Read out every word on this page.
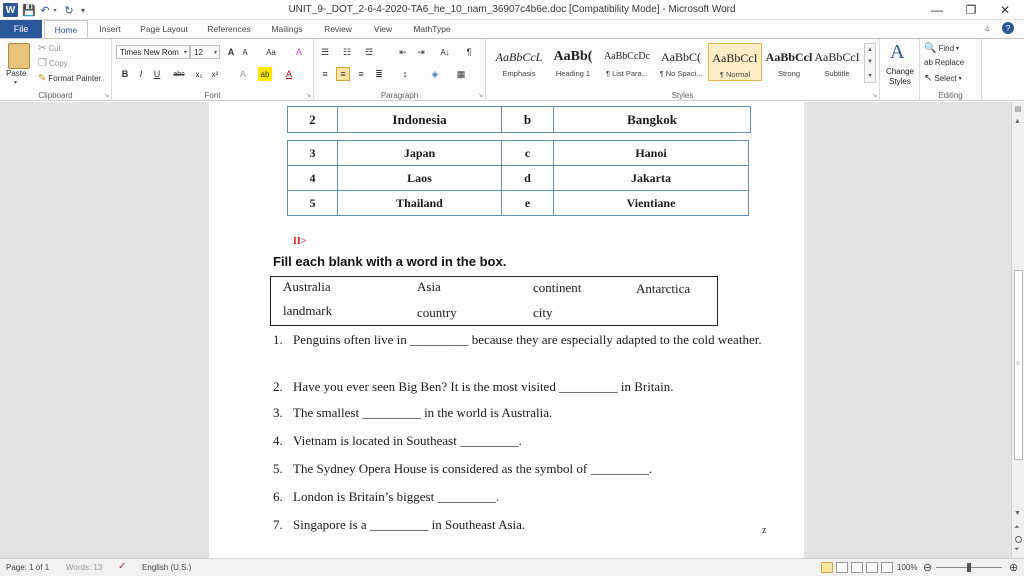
W 💾 ↶ ▾ ↻ ▾	UNIT_9-_DOT_2-6-4-2020-TA6_he_10_nam_36907c4b6e.doc [Compatibility Mode] - Microsoft Word	—	❐	✕
File	Home	Insert	Page Layout	References	Mailings	Review	View	MathType	▵	?
Paste
▾
✂ Cut
❐ Copy
✎ Format Painter
Clipboard	↘
Times New Rom ▾ 12 ▾	A	A	Aa	A
B	I	U	abc	x₂	x²	A	ab	A
Font	↘
☰	☷	☲	⇤	⇥	A↓	¶
≡	≡	≡	≣	↕	◈	▦
Paragraph	↘
AaBbCcL
Emphasis
AaBb(
Heading 1
AaBbCcDc
¶ List Para...
AaBbC(
¶ No Spaci...
AaBbCcI
¶ Normal
AaBbCcl
Strong
AaBbCcI
Subtitle
▲
▼
▾
Styles	↘
A
Change Styles
🔍 Find ▾
ab Replace
↖ Select ▾
Editing
2	Indonesia	b	Bangkok
3	Japan	c	Hanoi
4	Laos	d	Jakarta
5	Thailand	e	Vientiane
II>
Fill each blank with a word in the box.
Australia	Asia	continent	Antarctica
landmark	country	city
1. Penguins often live in _________ because they are especially adapted to the cold weather.
2. Have you ever seen Big Ben? It is the most visited _________ in Britain.
3. The smallest _________ in the world is Australia.
4. Vietnam is located in Southeast _________.
5. The Sydney Opera House is considered as the symbol of _________.
6. London is Britain’s biggest _________.
7. Singapore is a _________ in Southeast Asia.	z
▤
▲
≡
▼
⏶
⏷
Page: 1 of 1 Words: 13 ✓ English (U.S.)	100% ⊖	⊕
